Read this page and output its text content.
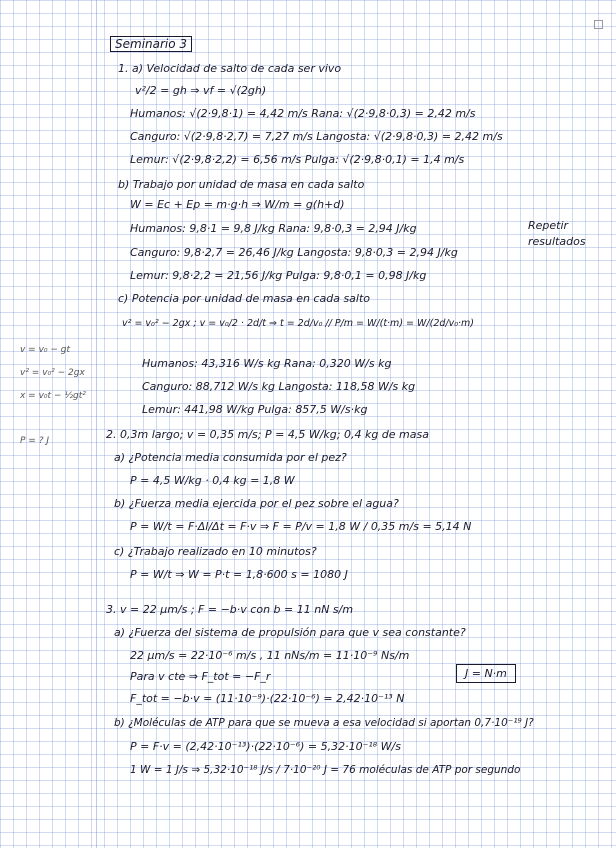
Seminario 3
1. a) Velocidad de salto de cada ser vivo
v²/2 = gh ⇒ vf = √(2gh)
Humanos: √(2·9,8·1) = 4,42 m/s Rana: √(2·9,8·0,3) = 2,42 m/s
Canguro: √(2·9,8·2,7) = 7,27 m/s Langosta: √(2·9,8·0,3) = 2,42 m/s
Lemur: √(2·9,8·2,2) = 6,56 m/s Pulga: √(2·9,8·0,1) = 1,4 m/s
b) Trabajo por unidad de masa en cada salto
W = Ec + Ep = m·g·h ⇒ W/m = g(h+d)
Humanos: 9,8·1 = 9,8 J/kg Rana: 9,8·0,3 = 2,94 J/kg
Canguro: 9,8·2,7 = 26,46 J/kg Langosta: 9,8·0,3 = 2,94 J/kg
Lemur: 9,8·2,2 = 21,56 J/kg Pulga: 9,8·0,1 = 0,98 J/kg
Repetir resultados
c) Potencia por unidad de masa en cada salto
v² = v₀² − 2gx ; v = v₀/2 · 2d/t ⇒ t = 2d/v₀ // P/m = W/(t·m) = W/(2d/v₀·m)
Humanos: 43,316 W/s kg Rana: 0,320 W/s kg
Canguro: 88,712 W/s kg Langosta: 118,58 W/s kg
Lemur: 441,98 W/kg Pulga: 857,5 W/s·kg
v = v₀ − gt
v² = v₀² − 2gx
x = v₀t − ½gt²
P = ? J	2. 0,3m largo; v = 0,35 m/s; P = 4,5 W/kg; 0,4 kg de masa
a) ¿Potencia media consumida por el pez?
P = 4,5 W/kg · 0,4 kg = 1,8 W
b) ¿Fuerza media ejercida por el pez sobre el agua?
P = W/t = F·Δl/Δt = F·v ⇒ F = P/v = 1,8 W / 0,35 m/s = 5,14 N
c) ¿Trabajo realizado en 10 minutos?
P = W/t ⇒ W = P·t = 1,8·600 s = 1080 J
3. v = 22 μm/s ; F = −b·v con b = 11 nN s/m
a) ¿Fuerza del sistema de propulsión para que v sea constante?
22 μm/s = 22·10⁻⁶ m/s , 11 nNs/m = 11·10⁻⁹ Ns/m
Para v cte ⇒ F_tot = −F_r
F_tot = −b·v = (11·10⁻⁹)·(22·10⁻⁶) = 2,42·10⁻¹³ N
J = N·m
b) ¿Moléculas de ATP para que se mueva a esa velocidad si aportan 0,7·10⁻¹⁹ J?
P = F·v = (2,42·10⁻¹³)·(22·10⁻⁶) = 5,32·10⁻¹⁸ W/s
1 W = 1 J/s ⇒ 5,32·10⁻¹⁸ J/s / 7·10⁻²⁰ J = 76 moléculas de ATP por segundo
